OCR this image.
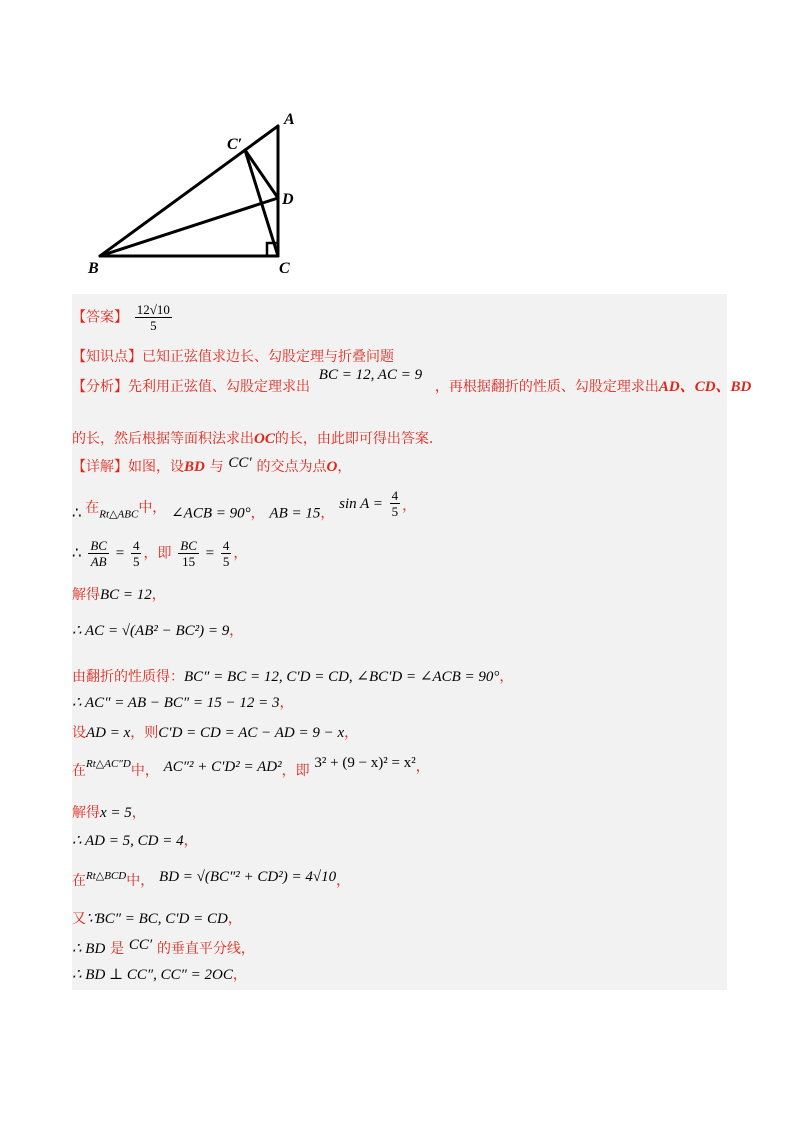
A
C′
D
B	C
【答案】 $\frac{12√10}{5}$
【知识点】已知正弦值求边长、勾股定理与折叠问题
【分析】先利用正弦值、勾股定理求出 BC = 12, AC = 9 ，再根据翻折的性质、勾股定理求出AD、CD、BD
的长，然后根据等面积法求出OC的长，由此即可得出答案.
【详解】如图，设BD 与 CC′ 的交点为点O，
∴ 在Rt△ABC中， ∠ACB = 90°， AB = 15， $\sin A = \frac{4}{5}$ ，
∴ $\frac{BC}{AB} = \frac{4}{5}$ ，即 $\frac{BC}{15} = \frac{4}{5}$ ，
解得BC = 12，
∴ AC = √(AB² − BC²) = 9，
由翻折的性质得：BC″ = BC = 12, C′D = CD, ∠BC′D = ∠ACB = 90°，
∴ AC″ = AB − BC″ = 15 − 12 = 3，
设AD = x，则C′D = CD = AC − AD = 9 − x，
在$^{Rt\triangle AC''D}$中， AC″² + C′D² = AD²，即 3² + (9 − x)² = x²，
解得x = 5，
∴ AD = 5, CD = 4，
在$^{Rt\triangle BCD}$中， BD = √(BC″² + CD²) = 4√10，
又∵BC″ = BC, C′D = CD，
∴ BD 是 CC′ 的垂直平分线，
∴ BD ⊥ CC″, CC″ = 2OC，
